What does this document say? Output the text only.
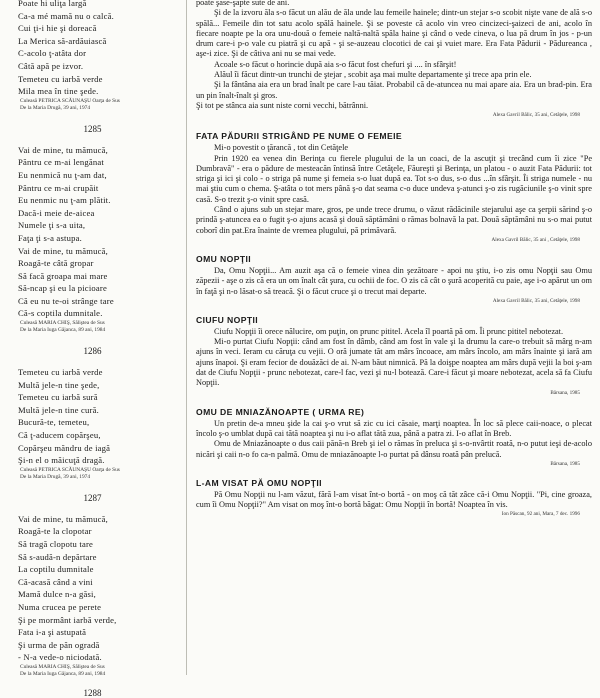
Poate hi uliţa largă
Ca-a mé mamă nu o calcă.
Cui ţi-i hie şi doreacă
La Merica să-ardăuiască
C-acolo ţ-atâta dor
Câtă apă pe izvor.
Temeteu cu iarbă verde
Mila mea în tine şede.
Culeasă PETRICA SCĂUNAŞU Oarţa de Sus
De la Maria Drugă, 39 ani, 1974
1285
Vai de mine, tu mămucă,
Păntru ce m-ai lengănat
Eu nenmică nu ţ-am dat,
Păntru ce m-ai crupăit
Eu nenmic nu ţ-am plătit.
Dacă-i meie de-aicea
Numele ţi s-a uita,
Faţa ţi s-a astupa.
Vai de mine, tu mămucă,
Roagă-te câtă gropar
Să facă groapa mai mare
Să-ncap şi eu la picioare
Că eu nu te-oi strânge tare
Că-s coptila dumnitale.
Culeasă MARIA CHIŞ, Săliştea de Sus
De la Maria Iuga Gâjanca, 89 ani, 1984
1286
Temeteu cu iarbă verde
Multă jele-n tine şede,
Temeteu cu iarbă sură
Multă jele-n tine cură.
Bucură-te, temeteu,
Că ţ-aducem copărşeu,
Copărşeu măndru de iagă
Şi-n el o măicuţă dragă.
Culeasă PETRICA SCĂUNAŞU Oarţa de Sus
De la Maria Drugă, 39 ani, 1974
1287
Vai de mine, tu mămucă,
Roagă-te la clopotar
Să tragă clopotu tare
Să s-audă-n depărtare
La coptilu dumnitale
Că-acasă când a vini
Mamă dulce n-a găsi,
Numa crucea pe perete
Şi pe mormânt iarbă verde,
Fata i-a şi astupată
Şi urma de păn ogradă
- N-a vede-o niciodată.
Culeasă MARIA CHIŞ, Săliştea de Sus
De la Maria Iuga Gâjanca, 89 ani, 1984
1288

poate şase-şapte sute de ani.

Şi de la izvoru ăla s-o făcut un alău de ăla unde lau femeile hainele; dintr-un stejar s-o scobit nişte vane de ală s-o spălă... Femeile din tot satu acolo spălă hainele. Şi se poveste că acolo vin vreo cincizeci-şaizeci de ani, acolo în fiecare noapte pe la ora unu-două o femeie naltă-naltă spăla haine şi când o vede cineva, o lua pă drum în jos - p-un drum care-i p-o vale cu piatră şi cu apă - şi se-auzeau clocotici de cai şi vuiet mare. Era Fata Pădurii - Pădureanca , aşe-i zice. Şi de câtiva ani nu se mai vede.

Acoale s-o făcut o horincie după aia s-o făcut fost chefuri şi .... în sfârşit!

Alăul îi făcut dintr-un trunchi de ştejar , scobit aşa mai multe departamente şi trece apa prin ele.

Şi la fântâna aia era un brad înalt pe care l-au tăiat. Probabil că de-atuncea nu mai apare aia. Era un brad-pin. Era un pin înalt-înalt şi gros.

Şi tot pe stânca aia sunt niste corni vecchi, bătrânni.

Alexa Gavril Bălic, 35 ani, Cetăţele, 1998
FATA PĂDURII STRIGÂND PE NUME O FEMEIE

Mi-o povestit o ţărancă , tot din Cetăţele

Prin 1920 ea venea din Berinţa cu fierele plugului de la un coaci, de la ascuţit şi trecând cum îi zice "Pe Dumbravă" - era o pădure de mesteacăn întinsă între Cetăţele, Făureşti şi Berinţa, un platou - o auzit Fata Pădurii: tot striga şi ici şi colo - o striga pă nume şi femeia s-o luat după ea. Tot s-o dus, s-o dus ...în sfârşit. Îi striga numele - nu mai ştiu cum o chema. Ş-atâta o tot mers până ş-o dat seama c-o duce undeva ş-atunci ş-o zis rugăciunile ş-o vinit spre casă. S-o trezit ş-o vinit spre casă.

Când o ajuns sub un stejar mare, gros, pe unde trece drumu, o văzut rădăcinile stejarului aşe ca şerpii sărind ş-o prindă ş-atuncea ea o fugit ş-o ajuns acasă şi două săptămâni o rămas bolnavă la pat. Două săptămâni nu s-o mai putut coborî din pat.Era înainte de vremea plugului, pă primăvară.

Alexa Gavril Bălic, 35 ani , Cetăţele, 1998
OMU NOPŢII

Da, Omu Nopţii... Am auzit aşa că o femeie vinea din şezătoare - apoi nu ştiu, i-o zis omu Nopţii sau Omu zăpezii - aşe o zis că era un om înalt cât şura, cu ochii de foc. O zis că cât o şură acoperită cu paie, aşe i-o apărut un om în faţă şi n-o lăsat-o să treacă. Şi o făcut cruce şi o trecut mai departe.

Alexa Gavril Bălic, 35 ani, Cetăţele, 1998
CIUFU NOPŢII

Ciufu Nopţii îi orece nălucire, om puţin, on prunc pititel. Acela îl poartă pă om. Îi prunc pititel nebotezat.

Mi-o purtat Ciufu Nopţii: când am fost în dâmb, când am fost în vale şi la drumu la care-o trebuit să mârg n-am ajuns în veci. Ieram cu căruţa cu vejii. O oră jumate tăt am mârs încoace, am mârs încolo, am mârs înainte şi iară am ajuns înapoi. Şi eram fecior de douăzăci de ai. N-am băut nimnică. Pă la doişpe noaptea am mârs după vejii la boi ş-am dat de Ciufu Nopţii - prunc nebotezat, care-l fac, vezi şi nu-l botează. Care-i făcut şi moare nebotezat, acela să fa Ciufu Nopţii.

Bârsana, 1985
OMU DE MNIAZĂNOAPTE ( URMA RE)

Un pretin de-a mneu şide la cai ş-o vrut să zic cu ici căsaie, marţi noaptea. În loc să plece caii-noace, o plecat încolo ş-o umblat după cai tătă noaptea şi nu i-o aflat tătă zua, până a patra zi. I-o aflat în Breb.

Omu de Mniazănoapte o dus caii pănă-n Breb şi iel o rămas în preluca şi s-o-nvârtit roată, n-o putut ieşi de-acolo nicări şi caii n-o fo ca-n palmă. Omu de mniazănoapte l-o purtat pă dânsu roată pân prelucă.

Bârsana, 1985
L-AM VISAT PĂ OMU NOPŢII

Pă Omu Nopţii nu l-am văzut, fără l-am visat înt-o bortă - on moş că tăt zâce că-i Omu Nopţii. "Pi, cine groaza, cum îi Omu Nopţii?" Am visat on moş înt-o bortă băgat: Omu Nopţii în bortă! Noaptea în vis.

Ion Păscan, 92 ani, Mara, 7 dec. 1996
